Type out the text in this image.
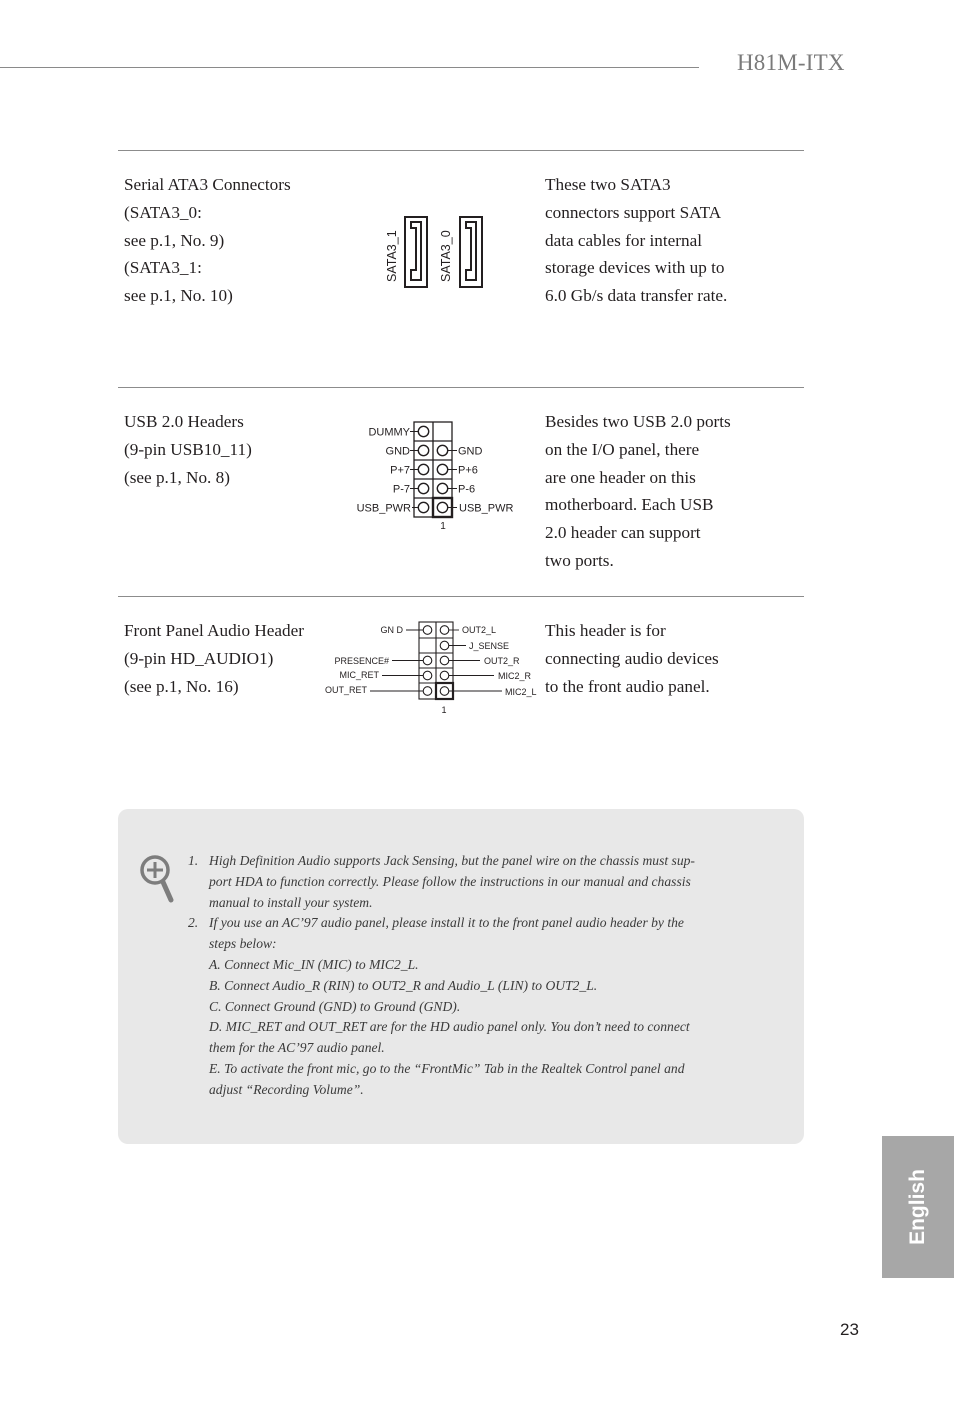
H81M-ITX
Serial ATA3 Connectors
(SATA3_0:
see p.1, No. 9)
(SATA3_1:
see p.1, No. 10)
SATA3_1	SATA3_0
These two SATA3
connectors support SATA
data cables for internal
storage devices with up to
6.0 Gb/s data transfer rate.
USB 2.0 Headers
(9-pin USB10_11)
(see p.1, No. 8)
DUMMY
GND
P+7
P-7
USB_PWR
GND
P+6
P-6
USB_PWR
1
Besides two USB 2.0 ports
on the I/O panel, there
are one header on this
motherboard. Each USB
2.0 header can support
two ports.
Front Panel Audio Header
(9-pin HD_AUDIO1)
(see p.1, No. 16)
GN D
PRESENCE#
MIC_RET
OUT_RET
OUT2_L
J_SENSE
OUT2_R
MIC2_R
MIC2_L
1
This header is for
connecting audio devices
to the front audio panel.
1. High Definition Audio supports Jack Sensing, but the panel wire on the chassis must sup-
port HDA to function correctly. Please follow the instructions in our manual and chassis
manual to install your system.
2. If you use an AC’97 audio panel, please install it to the front panel audio header by the
steps below:
A. Connect Mic_IN (MIC) to MIC2_L.
B. Connect Audio_R (RIN) to OUT2_R and Audio_L (LIN) to OUT2_L.
C. Connect Ground (GND) to Ground (GND).
D. MIC_RET and OUT_RET are for the HD audio panel only. You don’t need to connect
them for the AC’97 audio panel.
E. To activate the front mic, go to the “FrontMic” Tab in the Realtek Control panel and
adjust “Recording Volume”.
English
23
